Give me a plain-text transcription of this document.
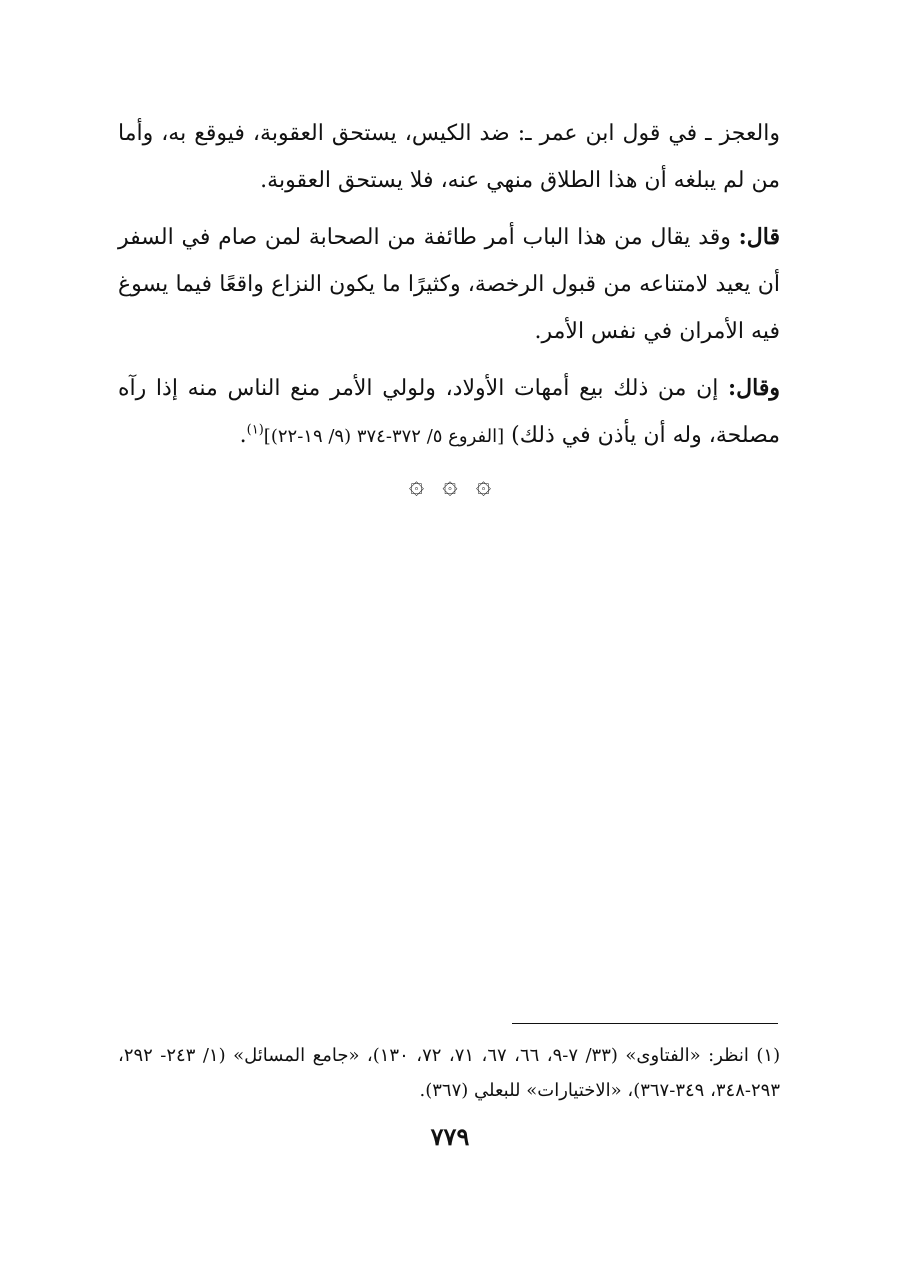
والعجز ـ في قول ابن عمر ـ: ضد الكيس، يستحق العقوبة، فيوقع به، وأما من لم يبلغه أن هذا الطلاق منهي عنه، فلا يستحق العقوبة.

قال: وقد يقال من هذا الباب أمر طائفة من الصحابة لمن صام في السفر أن يعيد لامتناعه من قبول الرخصة، وكثيرًا ما يكون النزاع واقعًا فيما يسوغ فيه الأمران في نفس الأمر.

وقال: إن من ذلك بيع أمهات الأولاد، ولولي الأمر منع الناس منه إذا رآه مصلحة، وله أن يأذن في ذلك) [الفروع ٥/ ٣٧٢-٣٧٤ (٩/ ١٩-٢٢)]$^{(١)}$.

۞ ۞ ۞
(١) انظر: «الفتاوى» (٣٣/ ٧-٩، ٦٦، ٦٧، ٧١، ٧٢، ١٣٠)، «جامع المسائل» (١/ ٢٤٣- ٢٩٢، ٢٩٣-٣٤٨، ٣٤٩-٣٦٧)، «الاختيارات» للبعلي (٣٦٧).
٧٧٩
